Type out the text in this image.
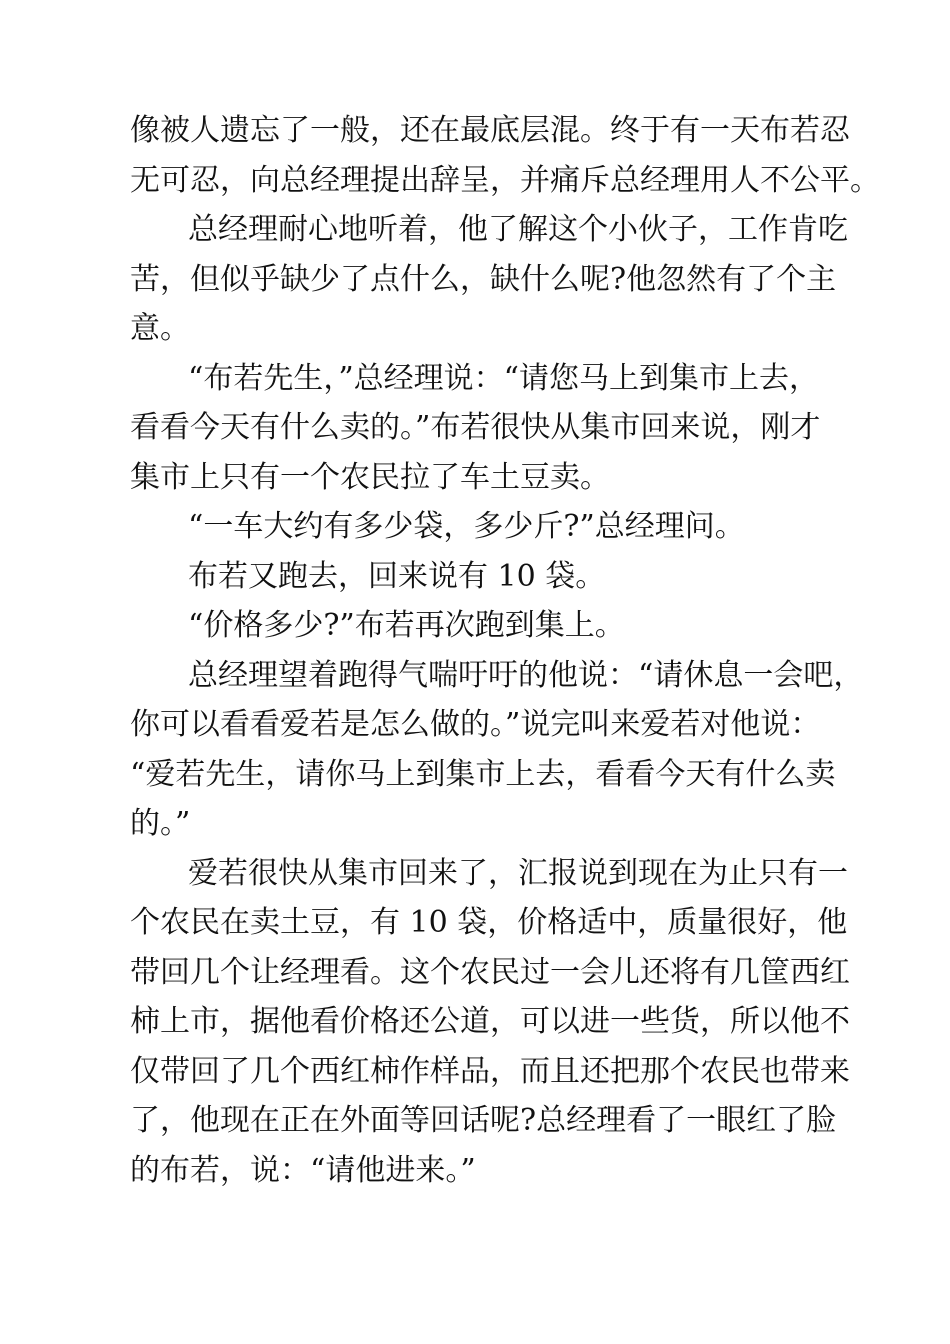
像被人遗忘了一般，还在最底层混。终于有一天布若忍
无可忍，向总经理提出辞呈，并痛斥总经理用人不公平。
总经理耐心地听着，他了解这个小伙子，工作肯吃
苦，但似乎缺少了点什么，缺什么呢?他忽然有了个主
意。
“布若先生，”总经理说：“请您马上到集市上去，
看看今天有什么卖的。”布若很快从集市回来说，刚才
集市上只有一个农民拉了车土豆卖。
“一车大约有多少袋，多少斤?”总经理问。
布若又跑去，回来说有 10 袋。
“价格多少?”布若再次跑到集上。
总经理望着跑得气喘吁吁的他说：“请休息一会吧，
你可以看看爱若是怎么做的。”说完叫来爱若对他说：
“爱若先生，请你马上到集市上去，看看今天有什么卖
的。”
爱若很快从集市回来了，汇报说到现在为止只有一
个农民在卖土豆，有 10 袋，价格适中，质量很好，他
带回几个让经理看。这个农民过一会儿还将有几筐西红
柿上市，据他看价格还公道，可以进一些货，所以他不
仅带回了几个西红柿作样品，而且还把那个农民也带来
了，他现在正在外面等回话呢?总经理看了一眼红了脸
的布若，说：“请他进来。”
